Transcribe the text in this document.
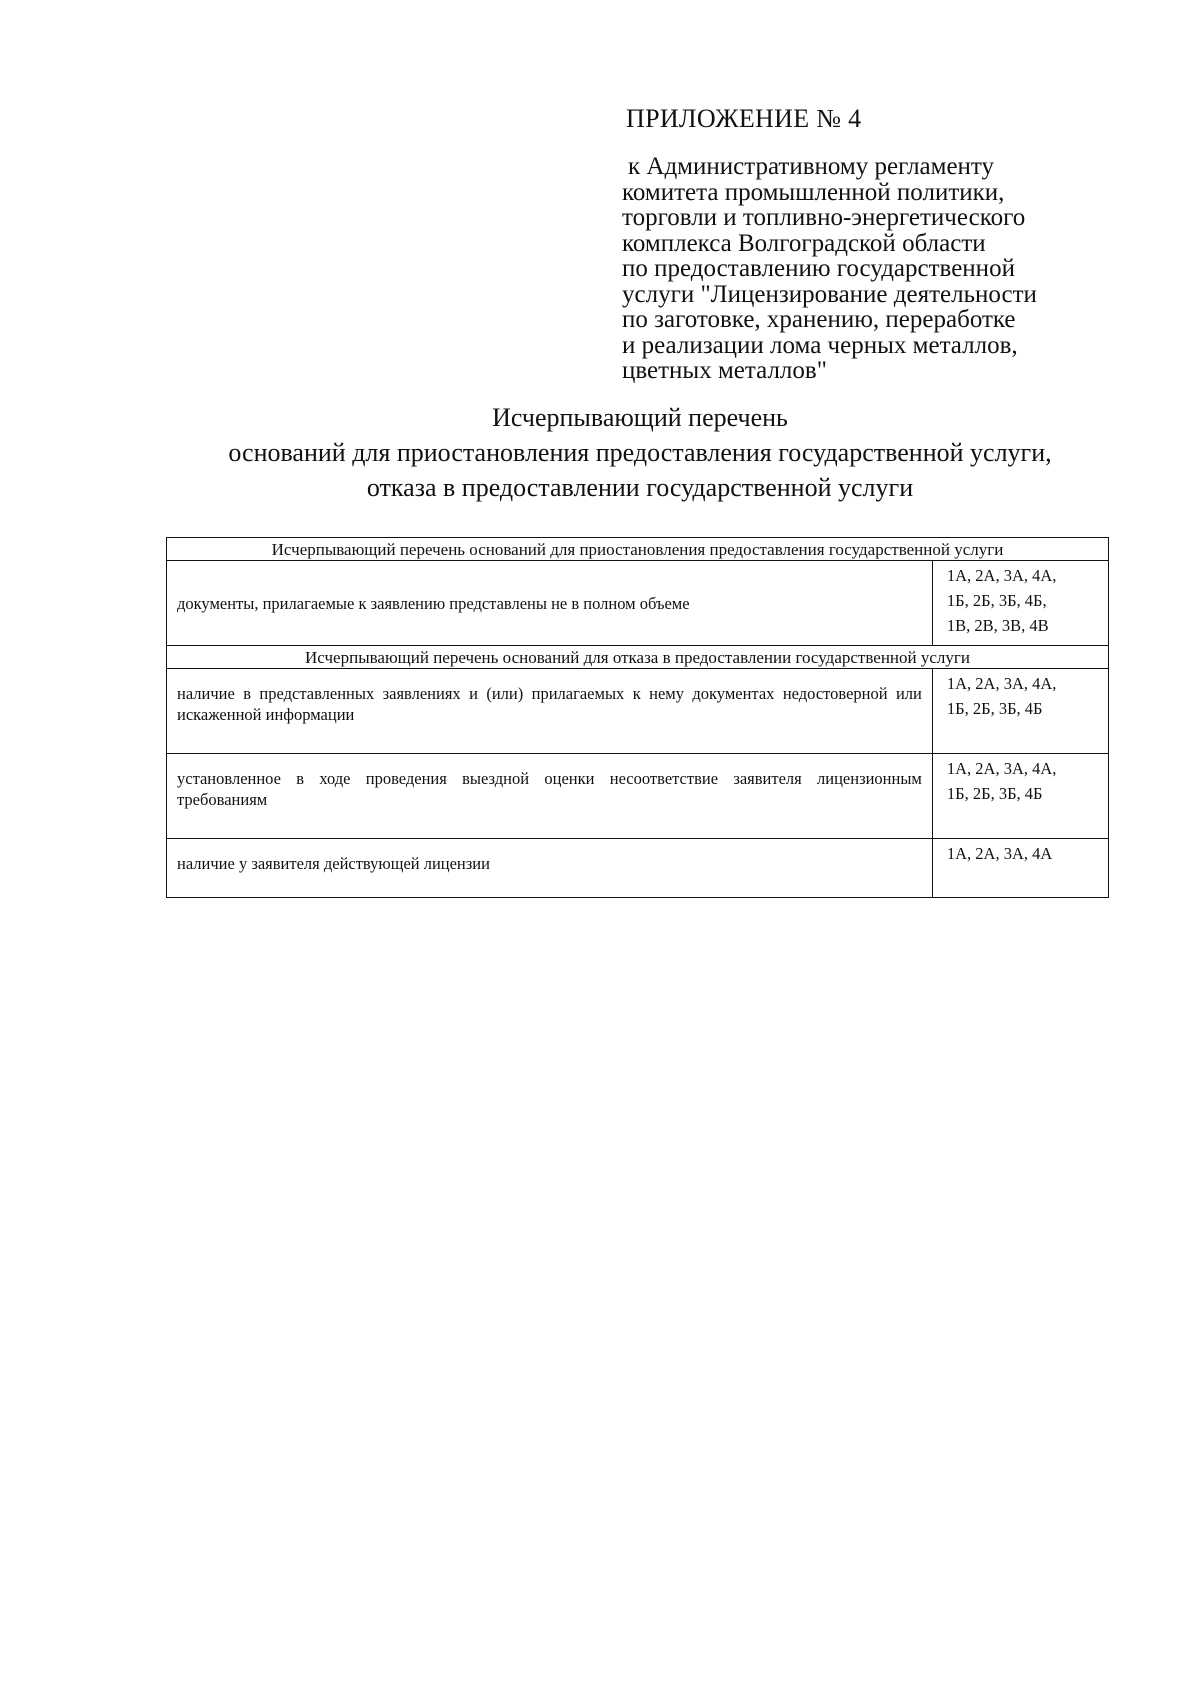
ПРИЛОЖЕНИЕ № 4
к Административному регламенту
комитета промышленной политики,
торговли и топливно-энергетического
комплекса Волгоградской области
по предоставлению государственной
услуги "Лицензирование деятельности
по заготовке, хранению, переработке
и реализации лома черных металлов,
цветных металлов"
Исчерпывающий перечень
оснований для приостановления предоставления государственной услуги,
отказа в предоставлении государственной услуги
Исчерпывающий перечень оснований для приостановления предоставления государственной услуги	

документы, прилагаемые к заявлению представлены не в полном объеме	1А, 2А, 3А, 4А,
1Б, 2Б, 3Б, 4Б,
1В, 2В, 3В, 4В

Исчерпывающий перечень оснований для отказа в предоставлении государственной услуги	

наличие в представленных заявлениях и (или) прилагаемых к нему документах недостоверной или искаженной информации	1А, 2А, 3А, 4А,
1Б, 2Б, 3Б, 4Б

установленное в ходе проведения выездной оценки несоответствие заявителя лицензионным требованиям	1А, 2А, 3А, 4А,
1Б, 2Б, 3Б, 4Б

наличие у заявителя действующей лицензии	1А, 2А, 3А, 4А
